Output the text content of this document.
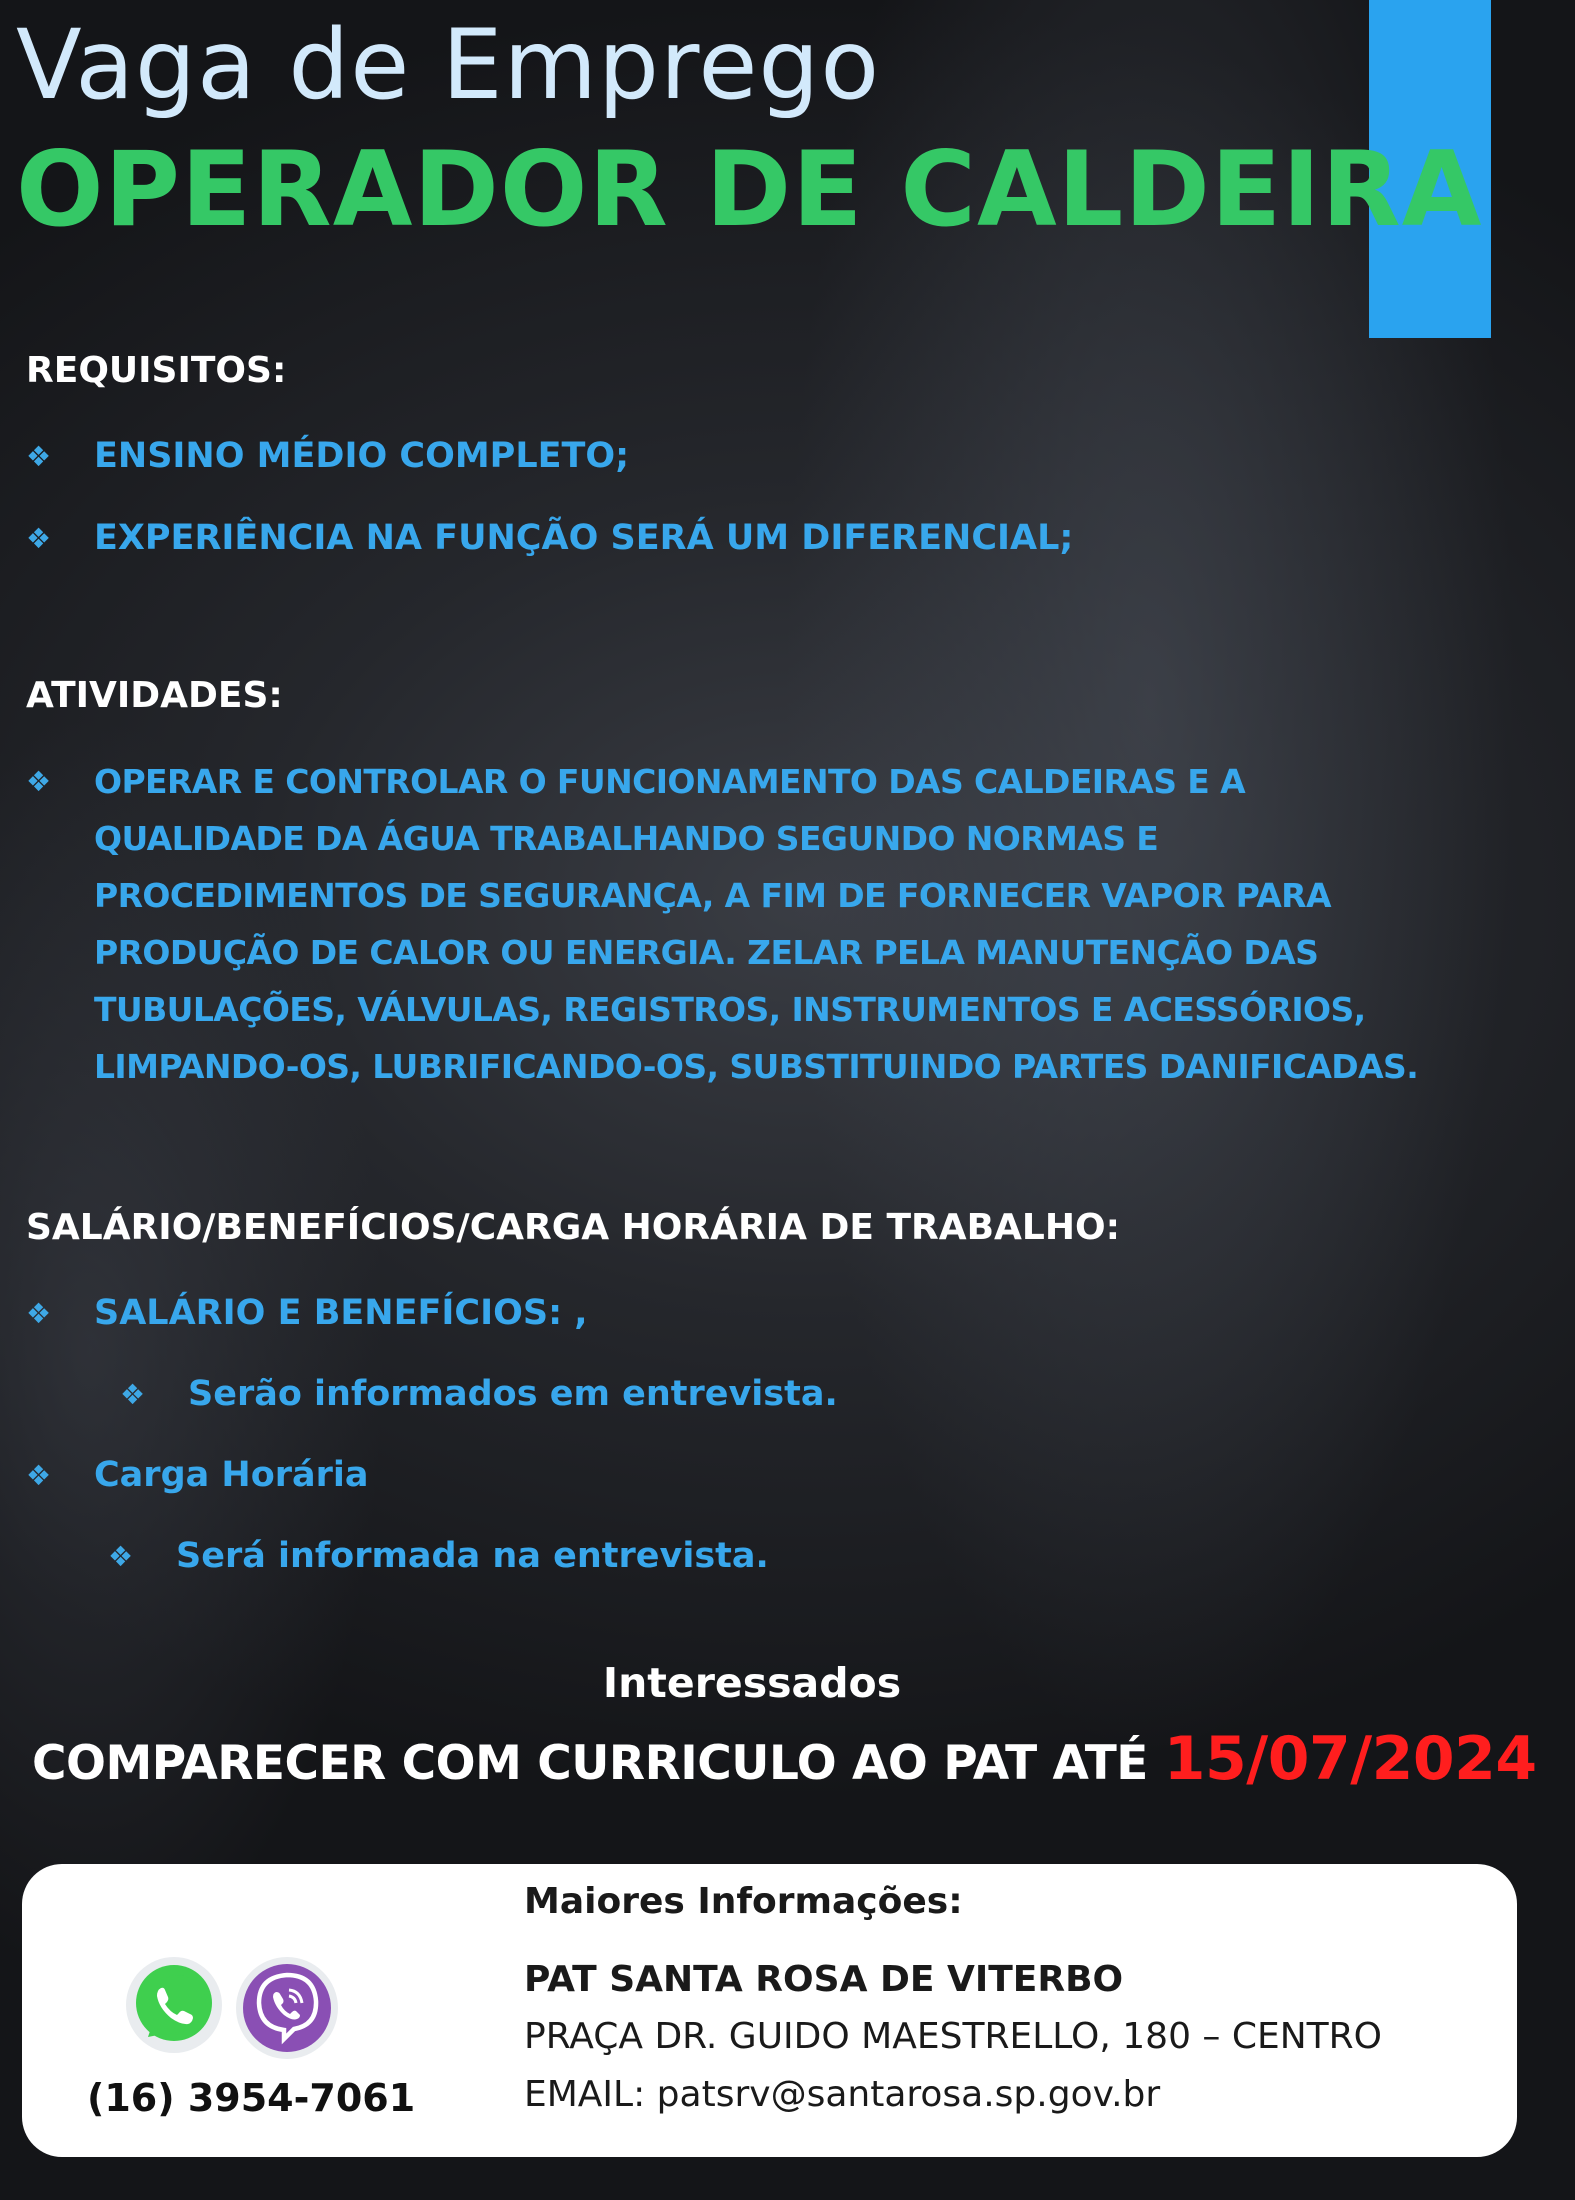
Vaga de Emprego
OPERADOR DE CALDEIRA
REQUISITOS:
❖	ENSINO MÉDIO COMPLETO;
❖	EXPERIÊNCIA NA FUNÇÃO SERÁ UM DIFERENCIAL;
ATIVIDADES:
❖	OPERAR E CONTROLAR O FUNCIONAMENTO DAS CALDEIRAS E A
QUALIDADE DA ÁGUA TRABALHANDO SEGUNDO NORMAS E
PROCEDIMENTOS DE SEGURANÇA, A FIM DE FORNECER VAPOR PARA
PRODUÇÃO DE CALOR OU ENERGIA. ZELAR PELA MANUTENÇÃO DAS
TUBULAÇÕES, VÁLVULAS, REGISTROS, INSTRUMENTOS E ACESSÓRIOS,
LIMPANDO-OS, LUBRIFICANDO-OS, SUBSTITUINDO PARTES DANIFICADAS.
SALÁRIO/BENEFÍCIOS/CARGA HORÁRIA DE TRABALHO:
❖	SALÁRIO E BENEFÍCIOS: ,
❖	Serão informados em entrevista.
❖	Carga Horária
❖	Será informada na entrevista.
Interessados
COMPARECER COM CURRICULO AO PAT ATÉ 15/07/2024
Maiores Informações:
PAT SANTA ROSA DE VITERBO
PRAÇA DR. GUIDO MAESTRELLO, 180 – CENTRO
EMAIL: patsrv@santarosa.sp.gov.br
(16) 3954-7061
